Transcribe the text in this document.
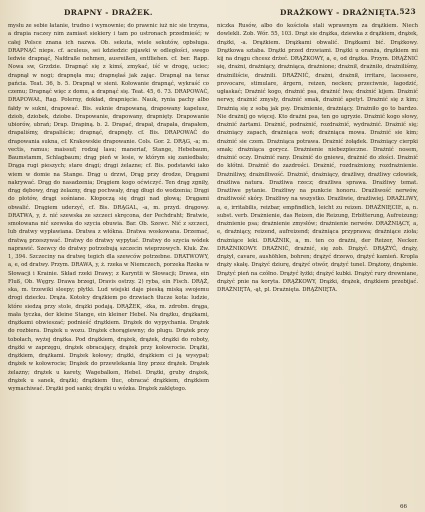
DRAPNY - DRAŻEK.	DRAŻKOWY - DRAŻNIĘTA. 523

mysłu ze sebie łatanie, trudno i wymownie; do prawnic iuż nic sie trzyma, a drapia raczey nim zamiast siekiery i tam po ustronach przedmieść; w całej Polsce znana ich nazwa. Ob. sekuta, wiele sekutów, opbsługa. DRAPNĄĆ nieps. cf. aculeus, sei kdziedzic pijawki w odległości, swego ledwie drapnąć, Nafdraße nehmen, ausreißen, entfliehen. cf. ber. Rapp. Nowa sw, Grzdzie. Drapnąć się z kimś, zmykać, iść w drogę, uciec; drapnął w nogi; drapnęła mu; drapnęłaś jak zając. Drapnął na teraz pańcia. Teat. 36, b. 5. Drapnął w sieni. Kołowanie drapnąć, wykraść co czemu; Drapnąć więc z domu, a drapnąć się. Teat. 45, 6. 73. DRAPOWAĆ, DRAPOWAŁ, Rag. Polerny, dokład, drapnięcie. Nauk, rynia pachy albo fałdy w sukni, drapować. Bis. suknie drapowaną, drapowany kapelusz, dziob, dziobek, dziobe. Drapowanie, drapowany, drapnięty. Drapowanie ubiorów, ubrań; Drap. Drapiną. b. 2. Drapać, drapał, drapała, drapałem, drapaliśmy, drapaliście; drapnąć, drapnęły. cf. Bis. DRAPOWAĆ do drapowania sukna, cf. Krakowskie drapowanie. Cols. Gor. 2. DRĄG, -a; m. vectis, ramus; maissuf; rodzaj lasu; maneriaf, Stange, Hebebaum, Baumstamm, Schlagbaum; drąg pień w lesie, w którym się zaniedbało; Drąga rugi pieszych; stare drągi; drągi żelazne; cf. Bis. podstawki iako wiem w domie na Stange. Drąg u drzwi, Drąg przy drodze, Drągami nakrywać. Drąg do nasadzenia; Drągiem kogo oćwiczyć. Ten drąg zgniły, drąg dębowy, drąg żelazny, drąg pochwały, drąg długi do wodzenia; Drągi do płotów, drągi sośniane. Kłopoczą się drągi nad głową; Drągami obwalić. Drągiem uderzyć, cf. Bis. DRĄGAL, -a, m. przyd. drągowy. DRATWA, y, ż. nić szewska ze szczeci skręcona, der Pechdraht; Bratwie, smołowana nić szewska do szycia obuwia. Bar. Ob. Szewc. Nić z szczeci, lub dratwy wypławiana. Dratwa z włókna. Dratwa woskowana. Drzemać, dratwą przeszywać. Dratwy do dratwy wypytać. Dratwy do szycia wódek naprawić. Szewcy do dratwy potrzebują szczecin wieprzowych. Kluk. Zw. 1, 394. Szczeciny na dratwę tegich dla szewców potrzebne. DRATWOWY, a, e, od dratwy. Przym. DRAWA, y, ż. rzeka w Niemczech, porzeka Rzeka w Słowacji i Krainie. Skład rzeki Drawy; z Karyntii w Słowacji; Drawa, ein Fluß, Ob. Węgry. Drawa brzegi, Dravis ostrzy. 2) ryba, ein Fisch. DRĄŻ, ska, m. trzewiki sleepy; płytki. Lud wiejski daje pieską miską swojemu drogi dziecku. Drąża. Kotołcy drążkiem po drzwiach tłucze kota: ludzie, które siedzą przy stole, drążki podają. DRĄŻEK, -żka, m. zdrobn. drąga, mała tyczka, der kleine Stange, ein kleiner Hebel. Na drążku, drążkami, drążkami obwieszać; podnieść drążkiem. Drążek do wypychania. Drążek do rozbiera. Drążek u wozu. Drążek chorągiewny; do pługu. Drążek przy tobołach, wyżej drążka. Pod drążkiem, drążek, drążek, drążki do roboty, drążki w zaprzęgu, drążek obracający, drążek przy kołowrocie. Drążki, drążkiem, drążkami. Drążek kołowy; drążki, drążkiem ci ją wysypał; drążek w kołowrocie; Drążek do przewlekania liny przez drążek. Drążek żelazny; drążek u karety, Wagebalken, Hebel. Drążki, gruby drążek, drążek u sanek, drążki; drążkiem tłuc, obracać drążkiem, drążkiem wymachiwać. Drążki pod sanki; drążki u wózka. Drążek zaklętego.

niczka Rusów, albo do kościoła stali wprawnym za drążkiem. Niech dowlekli. Zob. Wór. 55, 103. Drąż sie drążka, dziewka z drążkiem, drążek, drążki, -a. Drążkiem. Drążkami obwalić. Drążkami bić. Drążkowy. Drążkowa sztaba. Drążki przed drzwiami. Drążki u oranża, drążkiem mi kij na drągu chcesz drżeć. DRĄŻKOWY, a, e, od drążka. Przym. DRĄŻNIĆ się, drażni, drażniący, drażniąca, drażnione; drażnił, drażniło, drażniliśmy, drażniliście, drażnili. DRAŻNIĆ, drażni, drażnił, irritare, lacessere, provocare, stimulare, ärgern, reizen, necken; przeciwnie, łagodzić, ugłaskać; Drażnić kogo, drażnić psa, drażnić lwa; drażnić kijem. Drażnić nerwy, drażnić zmysły, drażnić smak, drażnić apetyt. Drażnić się z kim; Drażnią się z sobą jak psy. Drażnienie, drażniący. Drażniło go to bardzo. Nie drażnij go więcej. Kto drażni psa, ten go ugryzie. Drażnić kogo słowy, drażnić żartami. Drażnić, podrażnić, rozdrażnić, wydrażnić. Drażnić się; drażniący zapach, drażniąca woń; drażniąca mowa. Drażnić sie kim; drażnić sie czem. Drażniąca potrawa. Drażnić żołądek. Drażniący cierpki smak; drażniąca gorycz. Drażnienie niebezpieczne. Drażnić nosem, drażnić oczy. Drażnić rany. Drażnić do gniewu, drażnić do złości. Drażnić do kłótni. Drażnić do zazdrości. Drażnić, rozdrażniony, rozdrażnienie. Drażniliwy, drażniliwość. Drażnić, drażniący, drażliwy, drażliwy człowiek, drażliwa natura. Drażliwa rzecz; drażliwa sprawa. Drażliwy temat. Drażliwe pytanie. Drażliwy na punkcie honoru. Drażliwość nerwów, drażliwość skóry. Drażliwy na wszystko. Drażliwie, drażliwiej. DRAŻLIWY, a, e, irritabilis, reizbar, empfindlich, leicht zu reizen. DRAŻNIĘCIE, a, n. subst. verb. Drażnienie, das Reizen, die Reizung, Erbitterung, Aufreizung; drażnienie psa; drażnienie zmysłów; drażnienie nerwów. DRAŻNIĄCY, a, e, drażniący, reizend, aufreizend; drażniąca przyprawa; drażniące zioła; drażniące leki. DRAŻNIK, a, m. ten co drażni, der Reizer, Necker. DRAŻNIKOWY. DRAŻNIĆ, drażnić, się zob. Drążyć. DRĄŻYĆ, drąży, drążył, cavare, aushöhlen, bohren; drążyć drzewo, drążyć kamień. Kropla drąży skałę. Drążyć dziurę, drążyć otwór, drążyć tunel. Drążony, drążenie. Drążyć pień na czółno. Drążyć łyżki; drążyć kubki. Drążyć rury drewniane, drążyć pnie na koryta. DRĄŻKOWY, Drążki, drążek, drążkiem przebijać. DRAŻNIĘTA, -ąt, pl. Drażnięta. DRĄŻNIĘTA.

66
